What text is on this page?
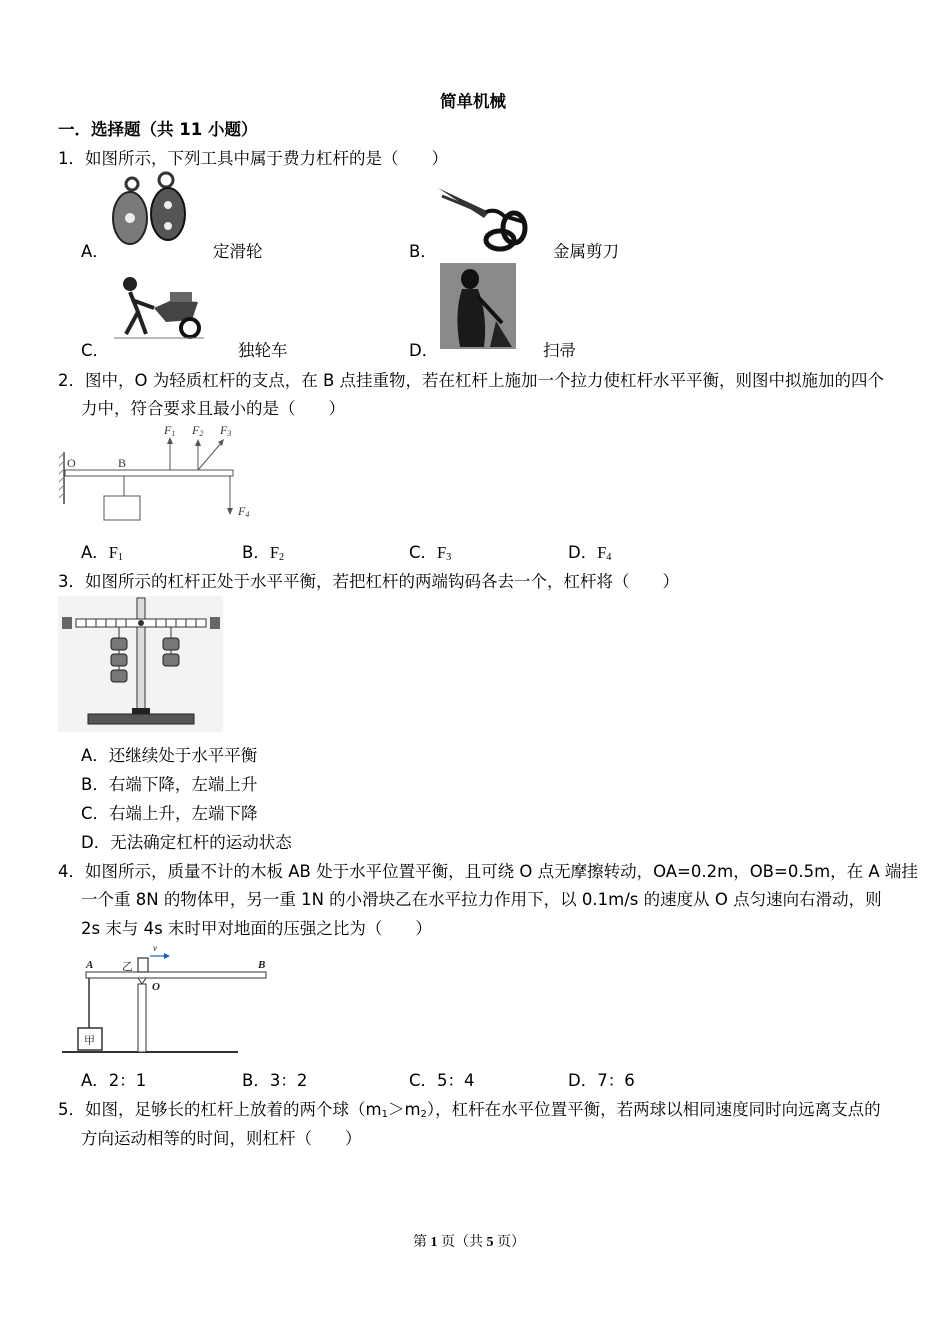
简单机械
一．选择题（共 11 小题）
1．如图所示，下列工具中属于费力杠杆的是（　　）
A．	定滑轮	B．	金属剪刀
C．	独轮车	D．	扫帚
2．图中，O 为轻质杠杆的支点，在 B 点挂重物，若在杠杆上施加一个拉力使杠杆水平平衡，则图中拟施加的四个
力中，符合要求且最小的是（　　）
O	B
F1 F2 F3
F4
A．$F_1$	B．$F_2$	C．$F_3$	D．$F_4$
3．如图所示的杠杆正处于水平平衡，若把杠杆的两端钩码各去一个，杠杆将（　　）
A．还继续处于水平平衡
B．右端下降，左端上升
C．右端上升，左端下降
D．无法确定杠杆的运动状态
4．如图所示，质量不计的木板 AB 处于水平位置平衡，且可绕 O 点无摩擦转动，OA=0.2m，OB=0.5m，在 A 端挂
一个重 8N 的物体甲，另一重 1N 的小滑块乙在水平拉力作用下，以 0.1m/s 的速度从 O 点匀速向右滑动，则
2s 末与 4s 末时甲对地面的压强之比为（　　）
A	B
乙
v
O
甲
A．2：1	B．3：2	C．5：4	D．7：6
5．如图，足够长的杠杆上放着的两个球$(m_1>m_2)$，杠杆在水平位置平衡，若两球以相同速度同时向远离支点的
方向运动相等的时间，则杠杆（　　）
第 1 页（共 5 页）
